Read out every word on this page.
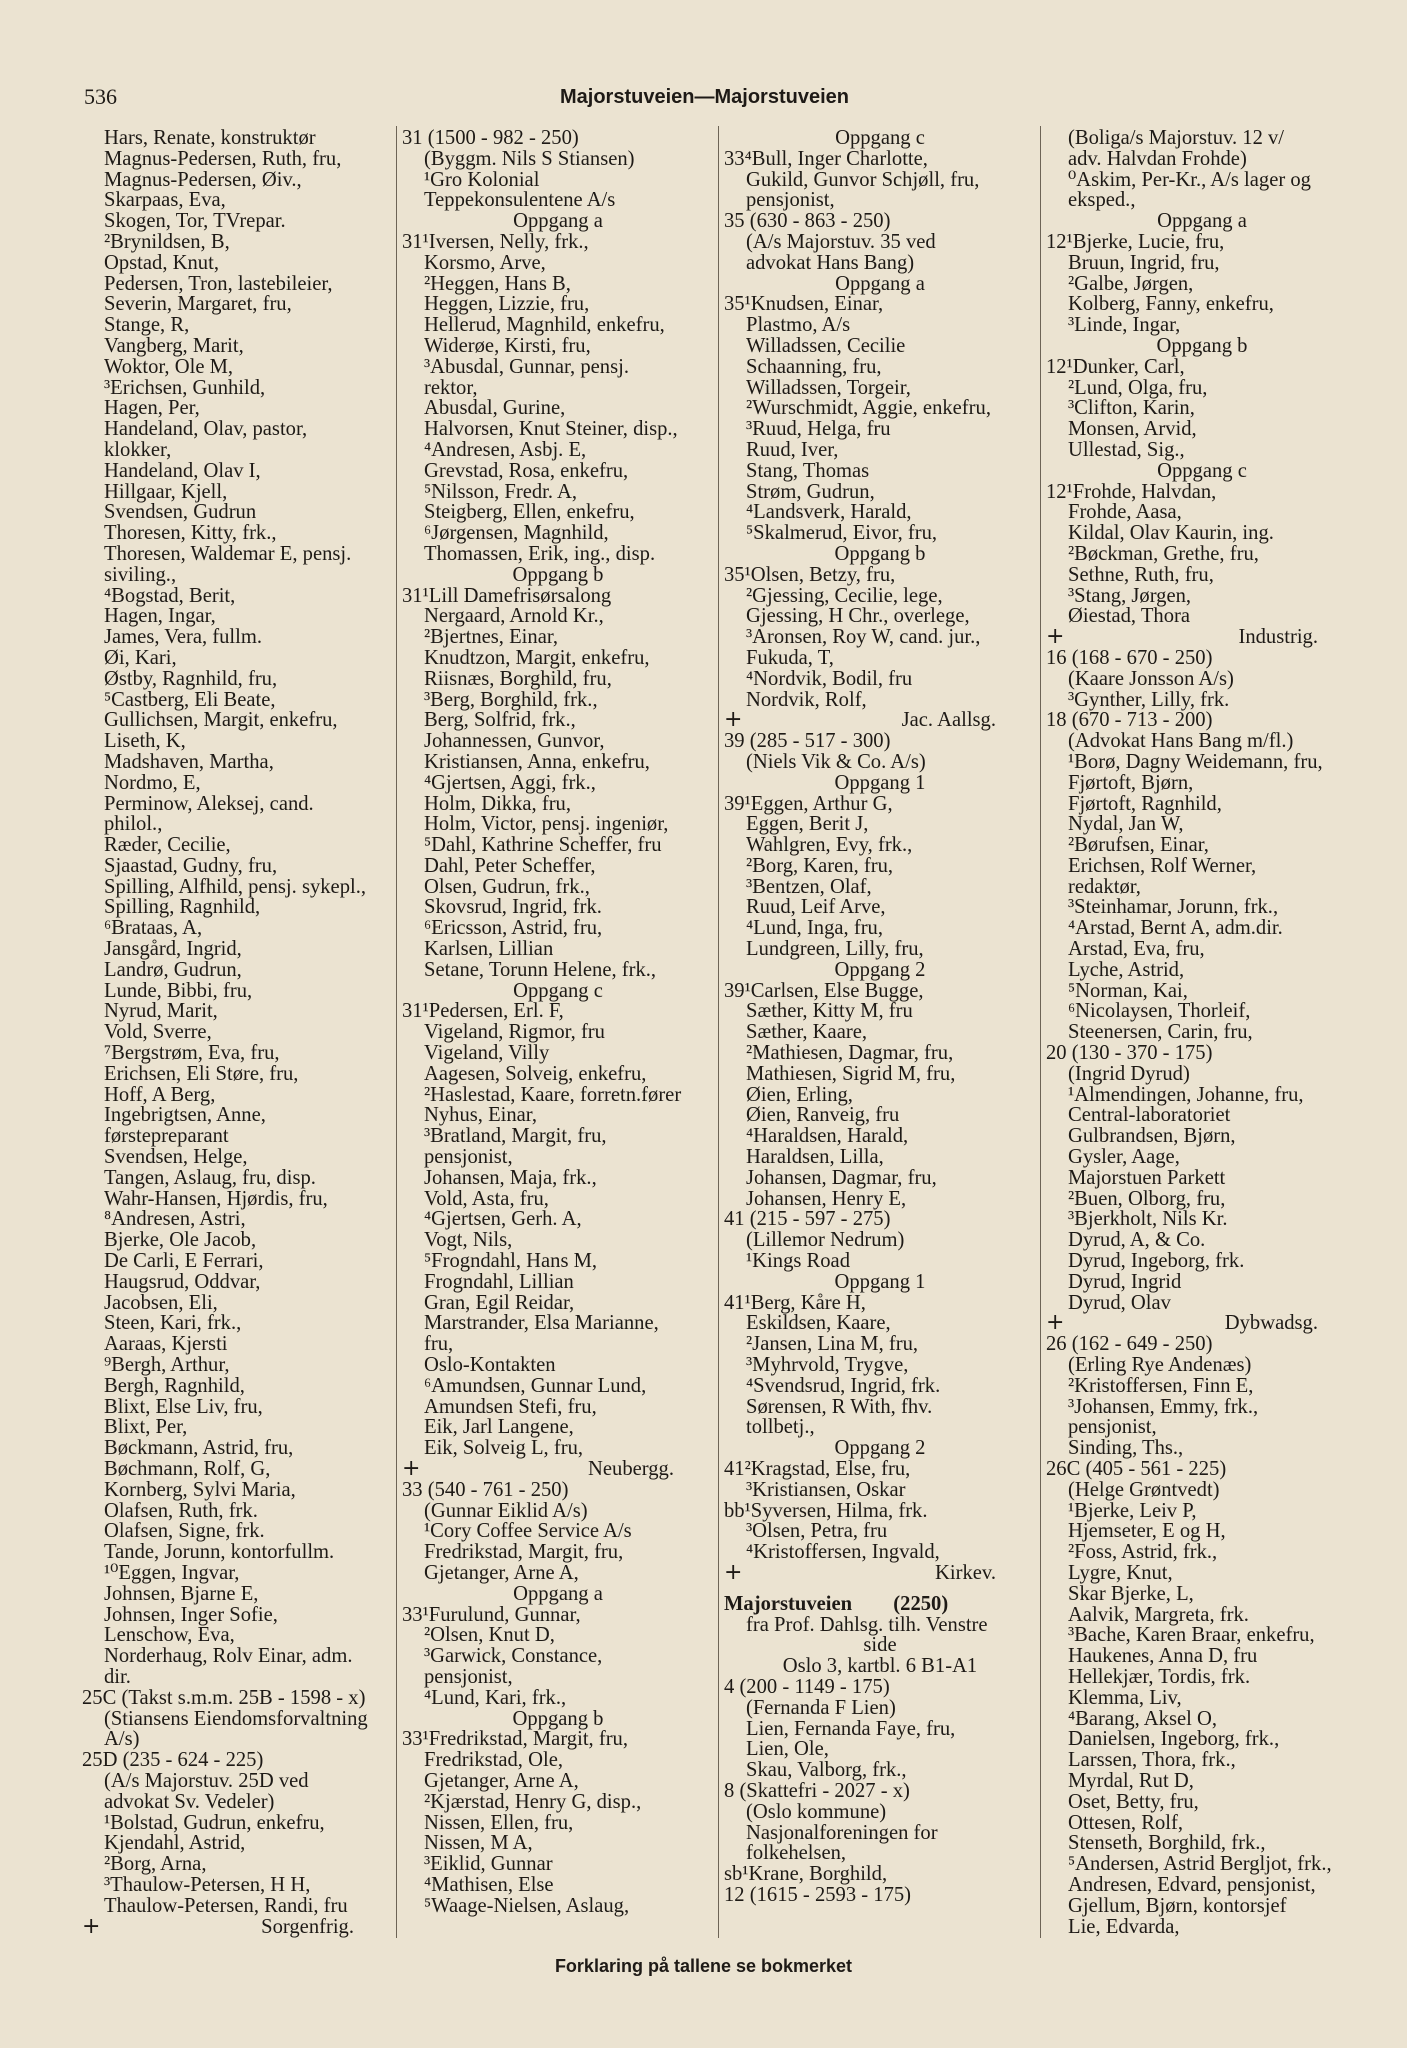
536	Majorstuveien—Majorstuveien
Hars, Renate, konstruktør
Magnus-Pedersen, Ruth, fru,
Magnus-Pedersen, Øiv.,
Skarpaas, Eva,
Skogen, Tor, TVrepar.
²Brynildsen, B,
Opstad, Knut,
Pedersen, Tron, lastebileier,
Severin, Margaret, fru,
Stange, R,
Vangberg, Marit,
Woktor, Ole M,
³Erichsen, Gunhild,
Hagen, Per,
Handeland, Olav, pastor,
klokker,
Handeland, Olav I,
Hillgaar, Kjell,
Svendsen, Gudrun
Thoresen, Kitty, frk.,
Thoresen, Waldemar E, pensj.
siviling.,
⁴Bogstad, Berit,
Hagen, Ingar,
James, Vera, fullm.
Øi, Kari,
Østby, Ragnhild, fru,
⁵Castberg, Eli Beate,
Gullichsen, Margit, enkefru,
Liseth, K,
Madshaven, Martha,
Nordmo, E,
Perminow, Aleksej, cand.
philol.,
Ræder, Cecilie,
Sjaastad, Gudny, fru,
Spilling, Alfhild, pensj. sykepl.,
Spilling, Ragnhild,
⁶Brataas, A,
Jansgård, Ingrid,
Landrø, Gudrun,
Lunde, Bibbi, fru,
Nyrud, Marit,
Vold, Sverre,
⁷Bergstrøm, Eva, fru,
Erichsen, Eli Støre, fru,
Hoff, A Berg,
Ingebrigtsen, Anne,
førstepreparant
Svendsen, Helge,
Tangen, Aslaug, fru, disp.
Wahr-Hansen, Hjørdis, fru,
⁸Andresen, Astri,
Bjerke, Ole Jacob,
De Carli, E Ferrari,
Haugsrud, Oddvar,
Jacobsen, Eli,
Steen, Kari, frk.,
Aaraas, Kjersti
⁹Bergh, Arthur,
Bergh, Ragnhild,
Blixt, Else Liv, fru,
Blixt, Per,
Bøckmann, Astrid, fru,
Bøchmann, Rolf, G,
Kornberg, Sylvi Maria,
Olafsen, Ruth, frk.
Olafsen, Signe, frk.
Tande, Jorunn, kontorfullm.
¹⁰Eggen, Ingvar,
Johnsen, Bjarne E,
Johnsen, Inger Sofie,
Lenschow, Eva,
Norderhaug, Rolv Einar, adm.
dir.
25C (Takst s.m.m. 25B - 1598 - x)
(Stiansens Eiendomsforvaltning
A/s)
25D (235 - 624 - 225)
(A/s Majorstuv. 25D ved
advokat Sv. Vedeler)
¹Bolstad, Gudrun, enkefru,
Kjendahl, Astrid,
²Borg, Arna,
³Thaulow-Petersen, H H,
Thaulow-Petersen, Randi, fru
+	Sorgenfrig.
31 (1500 - 982 - 250)
(Byggm. Nils S Stiansen)
¹Gro Kolonial
Teppekonsulentene A/s
Oppgang a
31¹Iversen, Nelly, frk.,
Korsmo, Arve,
²Heggen, Hans B,
Heggen, Lizzie, fru,
Hellerud, Magnhild, enkefru,
Widerøe, Kirsti, fru,
³Abusdal, Gunnar, pensj.
rektor,
Abusdal, Gurine,
Halvorsen, Knut Steiner, disp.,
⁴Andresen, Asbj. E,
Grevstad, Rosa, enkefru,
⁵Nilsson, Fredr. A,
Steigberg, Ellen, enkefru,
⁶Jørgensen, Magnhild,
Thomassen, Erik, ing., disp.
Oppgang b
31¹Lill Damefrisørsalong
Nergaard, Arnold Kr.,
²Bjertnes, Einar,
Knudtzon, Margit, enkefru,
Riisnæs, Borghild, fru,
³Berg, Borghild, frk.,
Berg, Solfrid, frk.,
Johannessen, Gunvor,
Kristiansen, Anna, enkefru,
⁴Gjertsen, Aggi, frk.,
Holm, Dikka, fru,
Holm, Victor, pensj. ingeniør,
⁵Dahl, Kathrine Scheffer, fru
Dahl, Peter Scheffer,
Olsen, Gudrun, frk.,
Skovsrud, Ingrid, frk.
⁶Ericsson, Astrid, fru,
Karlsen, Lillian
Setane, Torunn Helene, frk.,
Oppgang c
31¹Pedersen, Erl. F,
Vigeland, Rigmor, fru
Vigeland, Villy
Aagesen, Solveig, enkefru,
²Haslestad, Kaare, forretn.fører
Nyhus, Einar,
³Bratland, Margit, fru,
pensjonist,
Johansen, Maja, frk.,
Vold, Asta, fru,
⁴Gjertsen, Gerh. A,
Vogt, Nils,
⁵Frogndahl, Hans M,
Frogndahl, Lillian
Gran, Egil Reidar,
Marstrander, Elsa Marianne,
fru,
Oslo-Kontakten
⁶Amundsen, Gunnar Lund,
Amundsen Stefi, fru,
Eik, Jarl Langene,
Eik, Solveig L, fru,
+	Neubergg.
33 (540 - 761 - 250)
(Gunnar Eiklid A/s)
¹Cory Coffee Service A/s
Fredrikstad, Margit, fru,
Gjetanger, Arne A,
Oppgang a
33¹Furulund, Gunnar,
²Olsen, Knut D,
³Garwick, Constance,
pensjonist,
⁴Lund, Kari, frk.,
Oppgang b
33¹Fredrikstad, Margit, fru,
Fredrikstad, Ole,
Gjetanger, Arne A,
²Kjærstad, Henry G, disp.,
Nissen, Ellen, fru,
Nissen, M A,
³Eiklid, Gunnar
⁴Mathisen, Else
⁵Waage-Nielsen, Aslaug,
Oppgang c
33⁴Bull, Inger Charlotte,
Gukild, Gunvor Schjøll, fru,
pensjonist,
35 (630 - 863 - 250)
(A/s Majorstuv. 35 ved
advokat Hans Bang)
Oppgang a
35¹Knudsen, Einar,
Plastmo, A/s
Willadssen, Cecilie
Schaanning, fru,
Willadssen, Torgeir,
²Wurschmidt, Aggie, enkefru,
³Ruud, Helga, fru
Ruud, Iver,
Stang, Thomas
Strøm, Gudrun,
⁴Landsverk, Harald,
⁵Skalmerud, Eivor, fru,
Oppgang b
35¹Olsen, Betzy, fru,
²Gjessing, Cecilie, lege,
Gjessing, H Chr., overlege,
³Aronsen, Roy W, cand. jur.,
Fukuda, T,
⁴Nordvik, Bodil, fru
Nordvik, Rolf,
+	Jac. Aallsg.
39 (285 - 517 - 300)
(Niels Vik & Co. A/s)
Oppgang 1
39¹Eggen, Arthur G,
Eggen, Berit J,
Wahlgren, Evy, frk.,
²Borg, Karen, fru,
³Bentzen, Olaf,
Ruud, Leif Arve,
⁴Lund, Inga, fru,
Lundgreen, Lilly, fru,
Oppgang 2
39¹Carlsen, Else Bugge,
Sæther, Kitty M, fru
Sæther, Kaare,
²Mathiesen, Dagmar, fru,
Mathiesen, Sigrid M, fru,
Øien, Erling,
Øien, Ranveig, fru
⁴Haraldsen, Harald,
Haraldsen, Lilla,
Johansen, Dagmar, fru,
Johansen, Henry E,
41 (215 - 597 - 275)
(Lillemor Nedrum)
¹Kings Road
Oppgang 1
41¹Berg, Kåre H,
Eskildsen, Kaare,
²Jansen, Lina M, fru,
³Myhrvold, Trygve,
⁴Svendsrud, Ingrid, frk.
Sørensen, R With, fhv.
tollbetj.,
Oppgang 2
41²Kragstad, Else, fru,
³Kristiansen, Oskar
bb¹Syversen, Hilma, frk.
³Olsen, Petra, fru
⁴Kristoffersen, Ingvald,
+	Kirkev.
Majorstuveien        (2250)
fra Prof. Dahlsg. tilh. Venstre
side
Oslo 3, kartbl. 6 B1-A1
4 (200 - 1149 - 175)
(Fernanda F Lien)
Lien, Fernanda Faye, fru,
Lien, Ole,
Skau, Valborg, frk.,
8 (Skattefri - 2027 - x)
(Oslo kommune)
Nasjonalforeningen for
folkehelsen,
sb¹Krane, Borghild,
12 (1615 - 2593 - 175)
(Boliga/s Majorstuv. 12 v/
adv. Halvdan Frohde)
⁰Askim, Per-Kr., A/s lager og
eksped.,
Oppgang a
12¹Bjerke, Lucie, fru,
Bruun, Ingrid, fru,
²Galbe, Jørgen,
Kolberg, Fanny, enkefru,
³Linde, Ingar,
Oppgang b
12¹Dunker, Carl,
²Lund, Olga, fru,
³Clifton, Karin,
Monsen, Arvid,
Ullestad, Sig.,
Oppgang c
12¹Frohde, Halvdan,
Frohde, Aasa,
Kildal, Olav Kaurin, ing.
²Bøckman, Grethe, fru,
Sethne, Ruth, fru,
³Stang, Jørgen,
Øiestad, Thora
+	Industrig.
16 (168 - 670 - 250)
(Kaare Jonsson A/s)
³Gynther, Lilly, frk.
18 (670 - 713 - 200)
(Advokat Hans Bang m/fl.)
¹Borø, Dagny Weidemann, fru,
Fjørtoft, Bjørn,
Fjørtoft, Ragnhild,
Nydal, Jan W,
²Børufsen, Einar,
Erichsen, Rolf Werner,
redaktør,
³Steinhamar, Jorunn, frk.,
⁴Arstad, Bernt A, adm.dir.
Arstad, Eva, fru,
Lyche, Astrid,
⁵Norman, Kai,
⁶Nicolaysen, Thorleif,
Steenersen, Carin, fru,
20 (130 - 370 - 175)
(Ingrid Dyrud)
¹Almendingen, Johanne, fru,
Central-laboratoriet
Gulbrandsen, Bjørn,
Gysler, Aage,
Majorstuen Parkett
²Buen, Olborg, fru,
³Bjerkholt, Nils Kr.
Dyrud, A, & Co.
Dyrud, Ingeborg, frk.
Dyrud, Ingrid
Dyrud, Olav
+	Dybwadsg.
26 (162 - 649 - 250)
(Erling Rye Andenæs)
²Kristoffersen, Finn E,
³Johansen, Emmy, frk.,
pensjonist,
Sinding, Ths.,
26C (405 - 561 - 225)
(Helge Grøntvedt)
¹Bjerke, Leiv P,
Hjemseter, E og H,
²Foss, Astrid, frk.,
Lygre, Knut,
Skar Bjerke, L,
Aalvik, Margreta, frk.
³Bache, Karen Braar, enkefru,
Haukenes, Anna D, fru
Hellekjær, Tordis, frk.
Klemma, Liv,
⁴Barang, Aksel O,
Danielsen, Ingeborg, frk.,
Larssen, Thora, frk.,
Myrdal, Rut D,
Oset, Betty, fru,
Ottesen, Rolf,
Stenseth, Borghild, frk.,
⁵Andersen, Astrid Bergljot, frk.,
Andresen, Edvard, pensjonist,
Gjellum, Bjørn, kontorsjef
Lie, Edvarda,
Forklaring på tallene se bokmerket
